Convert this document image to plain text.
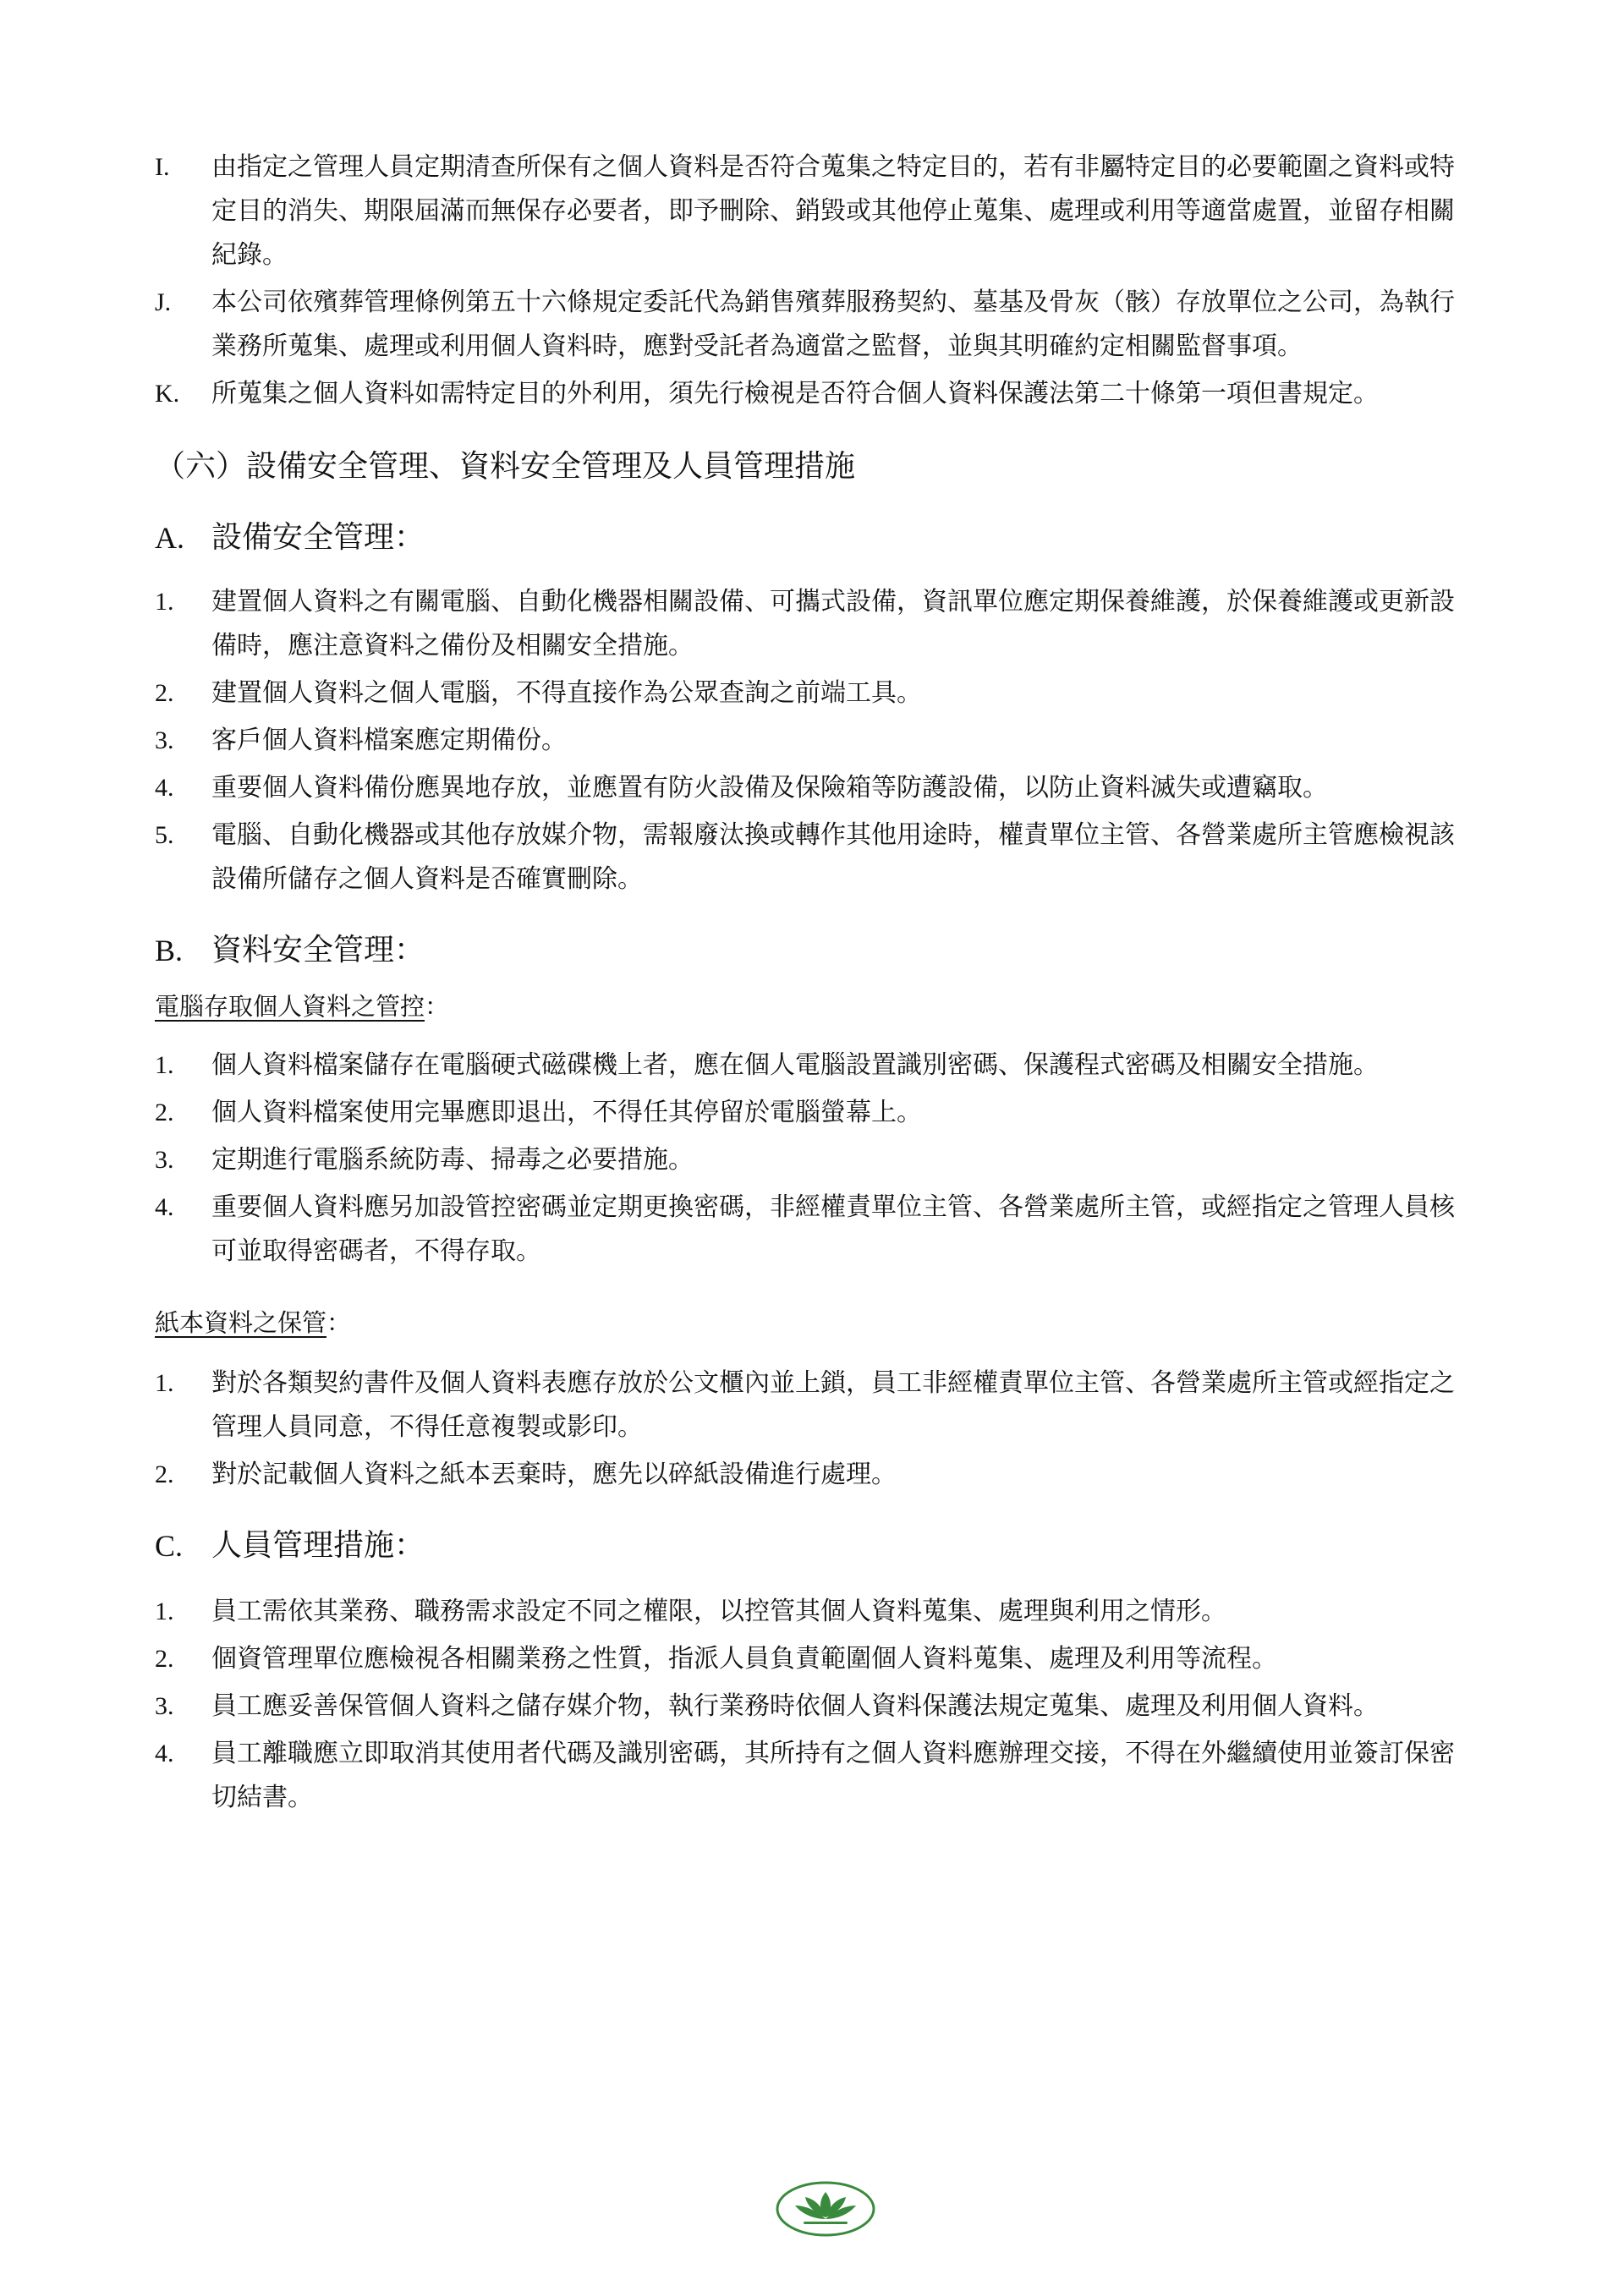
I. 由指定之管理人員定期清查所保有之個人資料是否符合蒐集之特定目的，若有非屬特定目的必要範圍之資料或特定目的消失、期限屆滿而無保存必要者，即予刪除、銷毀或其他停止蒐集、處理或利用等適當處置，並留存相關紀錄。
J. 本公司依殯葬管理條例第五十六條規定委託代為銷售殯葬服務契約、墓基及骨灰（骸）存放單位之公司，為執行業務所蒐集、處理或利用個人資料時，應對受託者為適當之監督，並與其明確約定相關監督事項。
K. 所蒐集之個人資料如需特定目的外利用，須先行檢視是否符合個人資料保護法第二十條第一項但書規定。
（六）設備安全管理、資料安全管理及人員管理措施
A. 設備安全管理：
1. 建置個人資料之有關電腦、自動化機器相關設備、可攜式設備，資訊單位應定期保養維護，於保養維護或更新設備時，應注意資料之備份及相關安全措施。
2. 建置個人資料之個人電腦，不得直接作為公眾查詢之前端工具。
3. 客戶個人資料檔案應定期備份。
4. 重要個人資料備份應異地存放，並應置有防火設備及保險箱等防護設備，以防止資料滅失或遭竊取。
5. 電腦、自動化機器或其他存放媒介物，需報廢汰換或轉作其他用途時，權責單位主管、各營業處所主管應檢視該設備所儲存之個人資料是否確實刪除。
B. 資料安全管理：
電腦存取個人資料之管控：
1. 個人資料檔案儲存在電腦硬式磁碟機上者，應在個人電腦設置識別密碼、保護程式密碼及相關安全措施。
2. 個人資料檔案使用完畢應即退出，不得任其停留於電腦螢幕上。
3. 定期進行電腦系統防毒、掃毒之必要措施。
4. 重要個人資料應另加設管控密碼並定期更換密碼，非經權責單位主管、各營業處所主管，或經指定之管理人員核可並取得密碼者，不得存取。
紙本資料之保管：
1. 對於各類契約書件及個人資料表應存放於公文櫃內並上鎖，員工非經權責單位主管、各營業處所主管或經指定之管理人員同意，不得任意複製或影印。
2. 對於記載個人資料之紙本丟棄時，應先以碎紙設備進行處理。
C. 人員管理措施：
1. 員工需依其業務、職務需求設定不同之權限，以控管其個人資料蒐集、處理與利用之情形。
2. 個資管理單位應檢視各相關業務之性質，指派人員負責範圍個人資料蒐集、處理及利用等流程。
3. 員工應妥善保管個人資料之儲存媒介物，執行業務時依個人資料保護法規定蒐集、處理及利用個人資料。
4. 員工離職應立即取消其使用者代碼及識別密碼，其所持有之個人資料應辦理交接，不得在外繼續使用並簽訂保密切結書。
